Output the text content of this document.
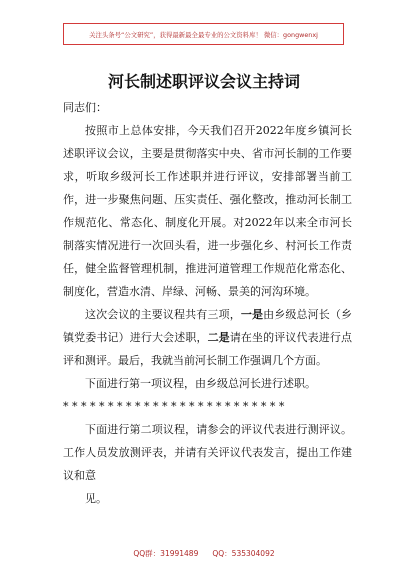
关注头条号“公文研究”，获得最新最全最专业的公文资料库！ 微信：gongwenxj
河长制述职评议会议主持词

同志们：

按照市上总体安排，今天我们召开2022年度乡镇河长述职评议会议，主要是贯彻落实中央、省市河长制的工作要求，听取乡级河长工作述职并进行评议，安排部署当前工作，进一步聚焦问题、压实责任、强化整改，推动河长制工作规范化、常态化、制度化开展。对2022年以来全市河长制落实情况进行一次回头看，进一步强化乡、村河长工作责任，健全监督管理机制，推进河道管理工作规范化常态化、制度化，营造水清、岸绿、河畅、景美的河沟环境。

这次会议的主要议程共有三项，一是由乡级总河长（乡镇党委书记）进行大会述职，二是请在坐的评议代表进行点评和测评。最后，我就当前河长制工作强调几个方面。

下面进行第一项议程，由乡级总河长进行述职。

* * * * * * * * * * * * * * * * * * * * * * * * *

下面进行第二项议程，请参会的评议代表进行测评议。工作人员发放测评表，并请有关评议代表发言，提出工作建议和意

见。

QQ群：31991489 QQ：535304092
